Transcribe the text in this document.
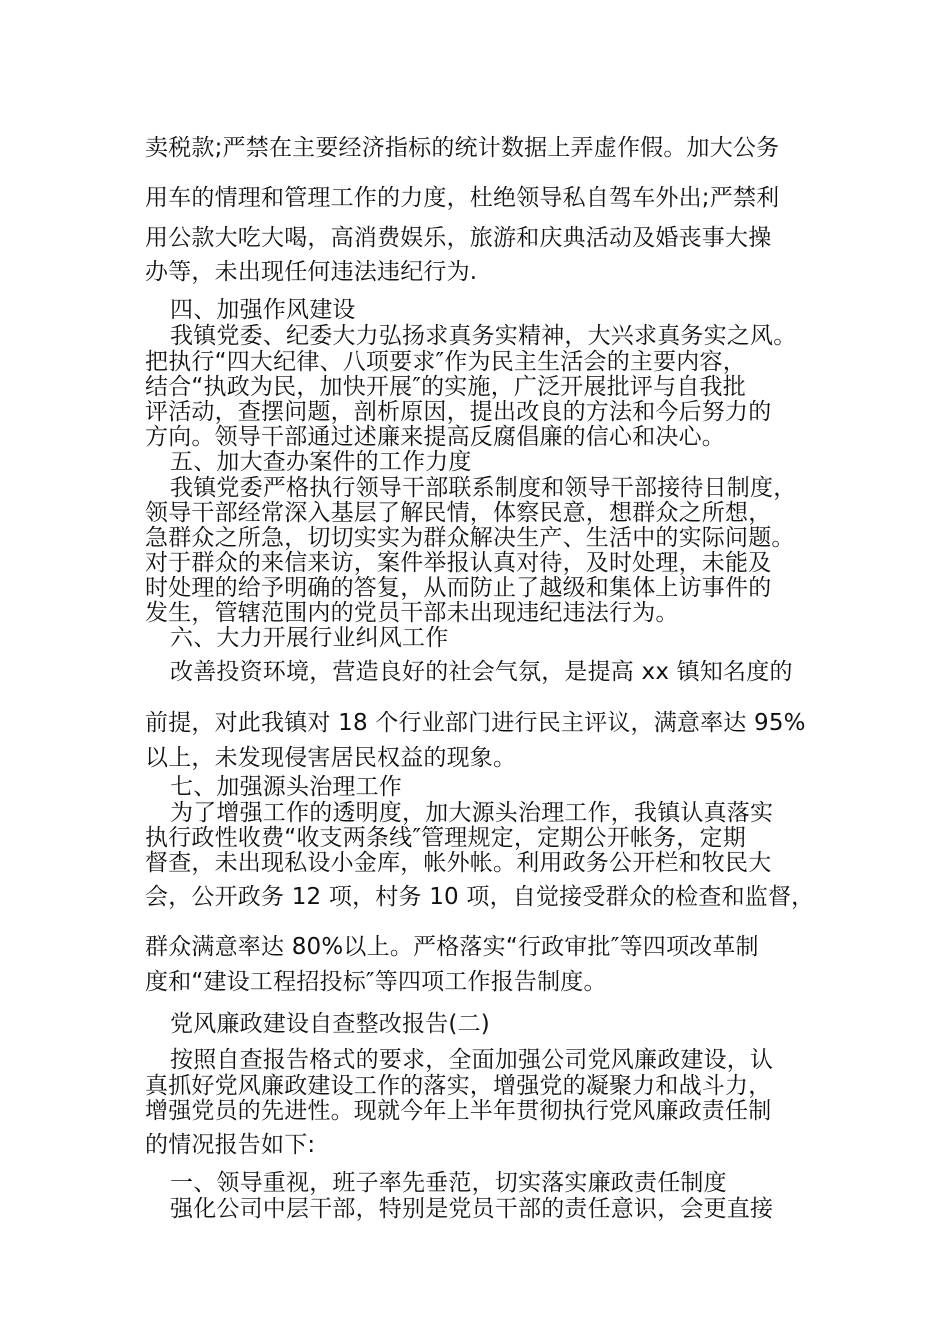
卖税款;严禁在主要经济指标的统计数据上弄虚作假。加大公务
用车的情理和管理工作的力度，杜绝领导私自驾车外出;严禁利
用公款大吃大喝，高消费娱乐，旅游和庆典活动及婚丧事大操
办等，未出现任何违法违纪行为.
四、加强作风建设
我镇党委、纪委大力弘扬求真务实精神，大兴求真务实之风。
把执行“四大纪律、八项要求″作为民主生活会的主要内容，
结合“执政为民，加快开展″的实施，广泛开展批评与自我批
评活动，查摆问题，剖析原因，提出改良的方法和今后努力的
方向。领导干部通过述廉来提高反腐倡廉的信心和决心。
五、加大查办案件的工作力度
我镇党委严格执行领导干部联系制度和领导干部接待日制度，
领导干部经常深入基层了解民情，体察民意，想群众之所想，
急群众之所急，切切实实为群众解决生产、生活中的实际问题。
对于群众的来信来访，案件举报认真对待，及时处理，未能及
时处理的给予明确的答复，从而防止了越级和集体上访事件的
发生，管辖范围内的党员干部未出现违纪违法行为。
六、大力开展行业纠风工作
改善投资环境，营造良好的社会气氛，是提高 xx 镇知名度的
前提，对此我镇对 18 个行业部门进行民主评议，满意率达 95%
以上，未发现侵害居民权益的现象。
七、加强源头治理工作
为了增强工作的透明度，加大源头治理工作，我镇认真落实
执行政性收费“收支两条线″管理规定，定期公开帐务，定期
督查，未出现私设小金库，帐外帐。利用政务公开栏和牧民大
会，公开政务 12 项，村务 10 项，自觉接受群众的检查和监督，
群众满意率达 80%以上。严格落实“行政审批″等四项改革制
度和“建设工程招投标″等四项工作报告制度。
党风廉政建设自查整改报告(二)
按照自查报告格式的要求，全面加强公司党风廉政建设，认
真抓好党风廉政建设工作的落实，增强党的凝聚力和战斗力，
增强党员的先进性。现就今年上半年贯彻执行党风廉政责任制
的情况报告如下:
一、领导重视，班子率先垂范，切实落实廉政责任制度
强化公司中层干部，特别是党员干部的责任意识，会更直接
